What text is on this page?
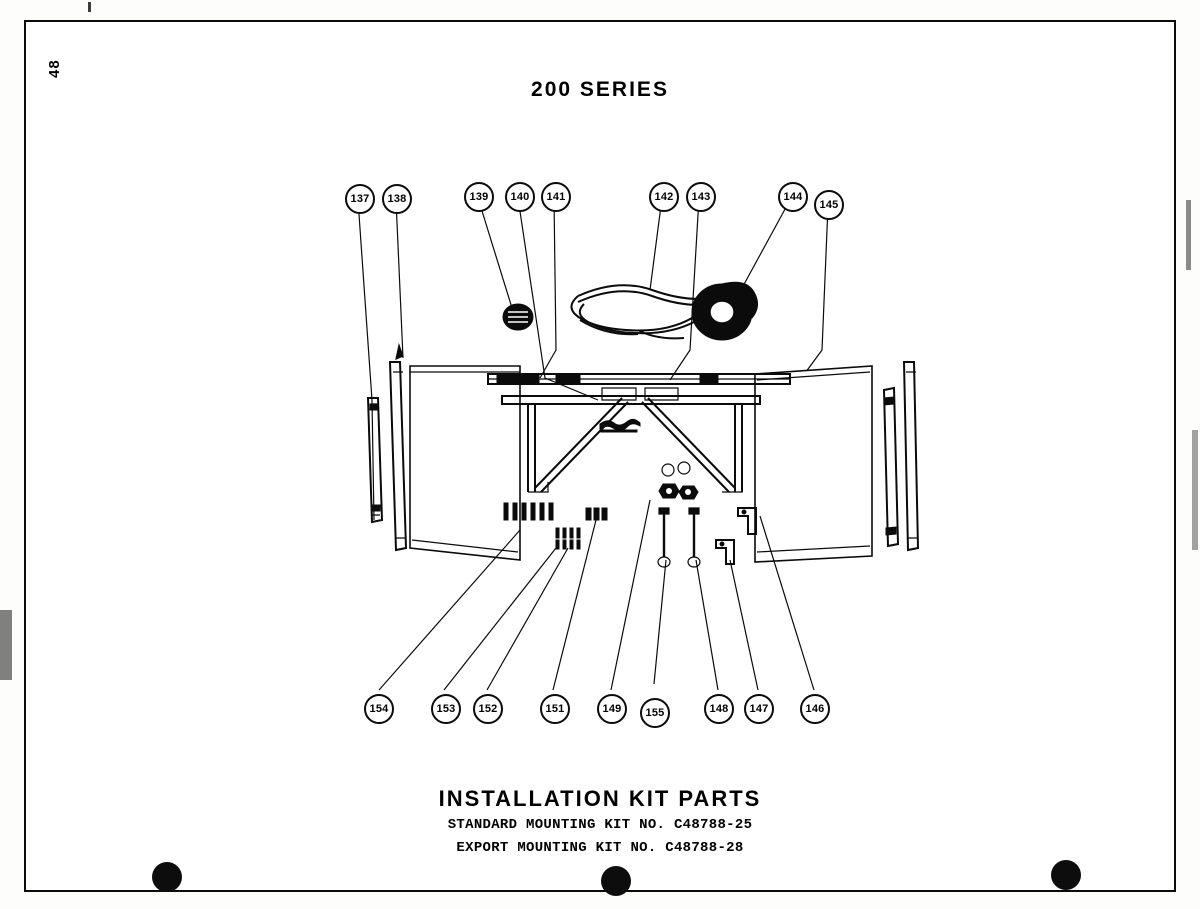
48
200 SERIES
137	138	139	140	141	142	143	144
145
146
147
148
155
149
151
152
153
154
INSTALLATION KIT PARTS
STANDARD MOUNTING KIT NO. C48788-25
EXPORT MOUNTING KIT NO. C48788-28
